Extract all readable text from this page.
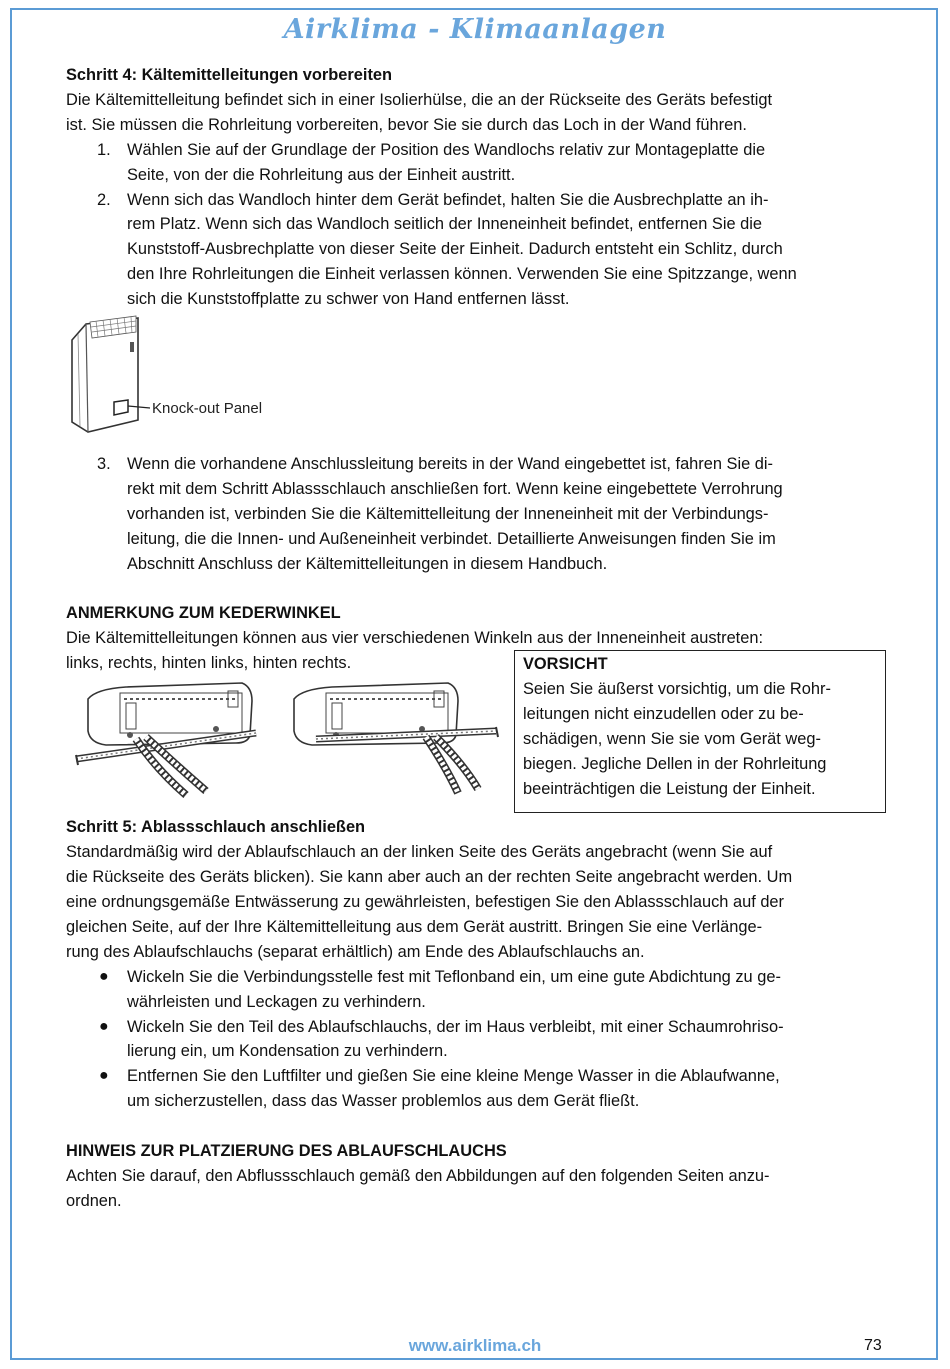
Airklima - Klimaanlagen
Schritt 4: Kältemittelleitungen vorbereiten

Die Kältemittelleitung befindet sich in einer Isolierhülse, die an der Rückseite des Geräts befestigt
ist. Sie müssen die Rohrleitung vorbereiten, bevor Sie sie durch das Loch in der Wand führen.

1. Wählen Sie auf der Grundlage der Position des Wandlochs relativ zur Montageplatte die
Seite, von der die Rohrleitung aus der Einheit austritt.
2. Wenn sich das Wandloch hinter dem Gerät befindet, halten Sie die Ausbrechplatte an ih-
rem Platz. Wenn sich das Wandloch seitlich der Inneneinheit befindet, entfernen Sie die
Kunststoff-Ausbrechplatte von dieser Seite der Einheit. Dadurch entsteht ein Schlitz, durch
den Ihre Rohrleitungen die Einheit verlassen können. Verwenden Sie eine Spitzzange, wenn
sich die Kunststoffplatte zu schwer von Hand entfernen lässt.
Knock-out Panel
3. Wenn die vorhandene Anschlussleitung bereits in der Wand eingebettet ist, fahren Sie di-
rekt mit dem Schritt Ablassschlauch anschließen fort. Wenn keine eingebettete Verrohrung
vorhanden ist, verbinden Sie die Kältemittelleitung der Inneneinheit mit der Verbindungs-
leitung, die die Innen- und Außeneinheit verbindet. Detaillierte Anweisungen finden Sie im
Abschnitt Anschluss der Kältemittelleitungen in diesem Handbuch.
ANMERKUNG ZUM KEDERWINKEL

Die Kältemittelleitungen können aus vier verschiedenen Winkeln aus der Inneneinheit austreten:

links, rechts, hinten links, hinten rechts.	VORSICHT

Seien Sie äußerst vorsichtig, um die Rohr-
leitungen nicht einzudellen oder zu be-
schädigen, wenn Sie sie vom Gerät weg-
biegen. Jegliche Dellen in der Rohrleitung
beeinträchtigen die Leistung der Einheit.

Schritt 5: Ablassschlauch anschließen

Standardmäßig wird der Ablaufschlauch an der linken Seite des Geräts angebracht (wenn Sie auf
die Rückseite des Geräts blicken). Sie kann aber auch an der rechten Seite angebracht werden. Um
eine ordnungsgemäße Entwässerung zu gewährleisten, befestigen Sie den Ablassschlauch auf der
gleichen Seite, auf der Ihre Kältemittelleitung aus dem Gerät austritt. Bringen Sie eine Verlänge-
rung des Ablaufschlauchs (separat erhältlich) am Ende des Ablaufschlauchs an.

● Wickeln Sie die Verbindungsstelle fest mit Teflonband ein, um eine gute Abdichtung zu ge-
währleisten und Leckagen zu verhindern.
● Wickeln Sie den Teil des Ablaufschlauchs, der im Haus verbleibt, mit einer Schaumrohriso-
lierung ein, um Kondensation zu verhindern.
● Entfernen Sie den Luftfilter und gießen Sie eine kleine Menge Wasser in die Ablaufwanne,
um sicherzustellen, dass das Wasser problemlos aus dem Gerät fließt.
HINWEIS ZUR PLATZIERUNG DES ABLAUFSCHLAUCHS

Achten Sie darauf, den Abflussschlauch gemäß den Abbildungen auf den folgenden Seiten anzu-
ordnen.

www.airklima.ch	73
